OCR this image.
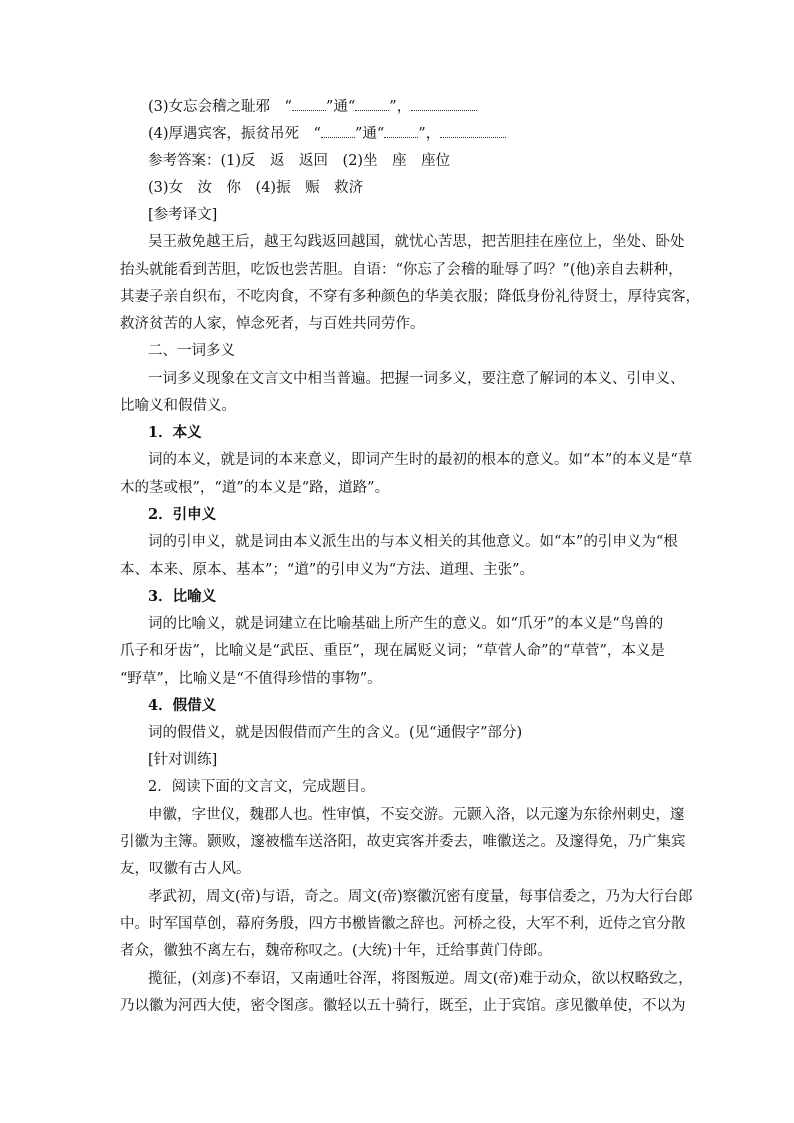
(3)女忘会稽之耻邪　“ ”通“ ”，
(4)厚遇宾客，振贫吊死　“ ”通“ ”，
参考答案：(1)反　返　返回　(2)坐　座　座位
(3)女　汝　你　(4)振　赈　救济
[参考译文]
吴王赦免越王后，越王勾践返回越国，就忧心苦思，把苦胆挂在座位上，坐处、卧处
抬头就能看到苦胆，吃饭也尝苦胆。自语：“你忘了会稽的耻辱了吗？”(他)亲自去耕种，
其妻子亲自织布，不吃肉食，不穿有多种颜色的华美衣服；降低身份礼待贤士，厚待宾客，
救济贫苦的人家，悼念死者，与百姓共同劳作。
二、一词多义
一词多义现象在文言文中相当普遍。把握一词多义，要注意了解词的本义、引申义、
比喻义和假借义。
1．本义
词的本义，就是词的本来意义，即词产生时的最初的根本的意义。如“本”的本义是“草
木的茎或根”，“道”的本义是“路，道路”。
2．引申义
词的引申义，就是词由本义派生出的与本义相关的其他意义。如“本”的引申义为“根
本、本来、原本、基本”；“道”的引申义为“方法、道理、主张”。
3．比喻义
词的比喻义，就是词建立在比喻基础上所产生的意义。如“爪牙”的本义是“鸟兽的
爪子和牙齿”，比喻义是“武臣、重臣”，现在属贬义词；“草菅人命”的“草菅”，本义是
“野草”，比喻义是“不值得珍惜的事物”。
4．假借义
词的假借义，就是因假借而产生的含义。(见“通假字”部分)
[针对训练]
2．阅读下面的文言文，完成题目。
申徽，字世仪，魏郡人也。性审慎，不妄交游。元颢入洛，以元邃为东徐州刺史，邃
引徽为主簿。颢败，邃被槛车送洛阳，故吏宾客并委去，唯徽送之。及邃得免，乃广集宾
友，叹徽有古人风。
孝武初，周文(帝)与语，奇之。周文(帝)察徽沉密有度量，每事信委之，乃为大行台郎
中。时军国草创，幕府务殷，四方书檄皆徽之辞也。河桥之役，大军不利，近侍之官分散
者众，徽独不离左右，魏帝称叹之。(大统)十年，迁给事黄门侍郎。
揽征，(刘彦)不奉诏，又南通吐谷浑，将图叛逆。周文(帝)难于动众，欲以权略致之，
乃以徽为河西大使，密令图彦。徽轻以五十骑行，既至，止于宾馆。彦见徽单使，不以为
